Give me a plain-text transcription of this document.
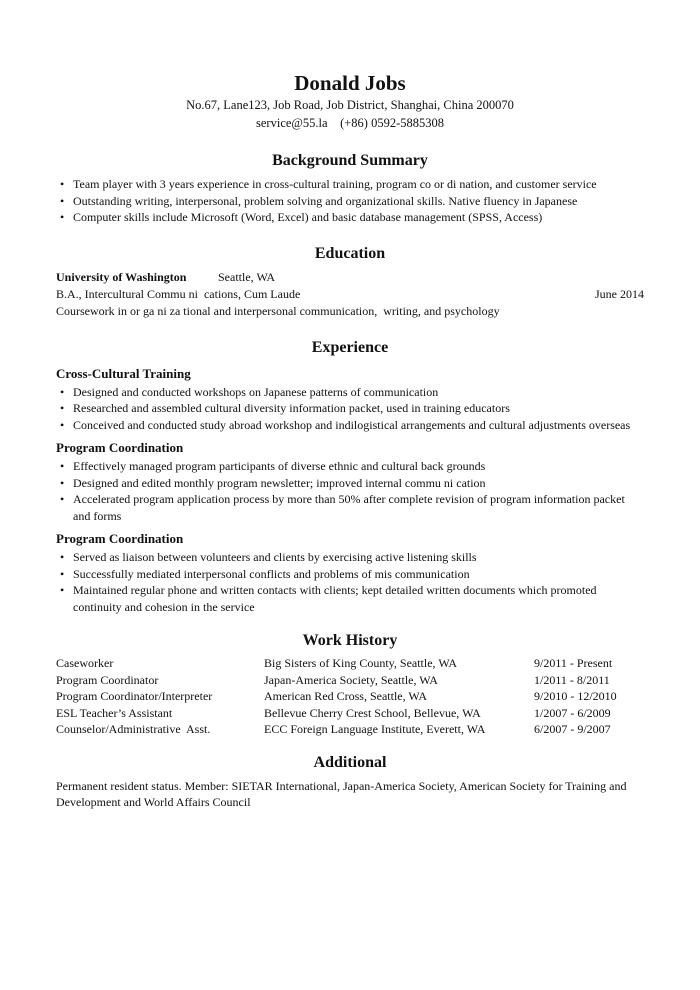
Donald Jobs
No.67, Lane123, Job Road, Job District, Shanghai, China 200070
service@55.la    (+86) 0592-5885308
Background Summary
• Team player with 3 years experience in cross-cultural training, program co or di nation, and customer service
• Outstanding writing, interpersonal, problem solving and organizational skills. Native fluency in Japanese
• Computer skills include Microsoft (Word, Excel) and basic database management (SPSS, Access)
Education
University of Washington	Seattle, WA
B.A., Intercultural Commu ni  cations, Cum Laude	June 2014
Coursework in or ga ni za tional and interpersonal communication,  writing, and psychology
Experience
Cross-Cultural Training
• Designed and conducted workshops on Japanese patterns of communication
• Researched and assembled cultural diversity information packet, used in training educators
• Conceived and conducted study abroad workshop and indilogistical arrangements and cultural adjustments overseas
Program Coordination
• Effectively managed program participants of diverse ethnic and cultural back grounds
• Designed and edited monthly program newsletter; improved internal commu ni cation
• Accelerated program application process by more than 50% after complete revision of program information packet and forms
Program Coordination
• Served as liaison between volunteers and clients by exercising active listening skills
• Successfully mediated interpersonal conflicts and problems of mis communication
• Maintained regular phone and written contacts with clients; kept detailed written documents which promoted continuity and cohesion in the service
Work History
Caseworker	Big Sisters of King County, Seattle, WA	9/2011 - Present
Program Coordinator	Japan-America Society, Seattle, WA	1/2011 - 8/2011
Program Coordinator/Interpreter	American Red Cross, Seattle, WA	9/2010 - 12/2010
ESL Teacher’s Assistant	Bellevue Cherry Crest School, Bellevue, WA	1/2007 - 6/2009
Counselor/Administrative  Asst.	ECC Foreign Language Institute, Everett, WA	6/2007 - 9/2007
Additional
Permanent resident status. Member: SIETAR International, Japan-America Society, American Society for Training and Development and World Affairs Council
